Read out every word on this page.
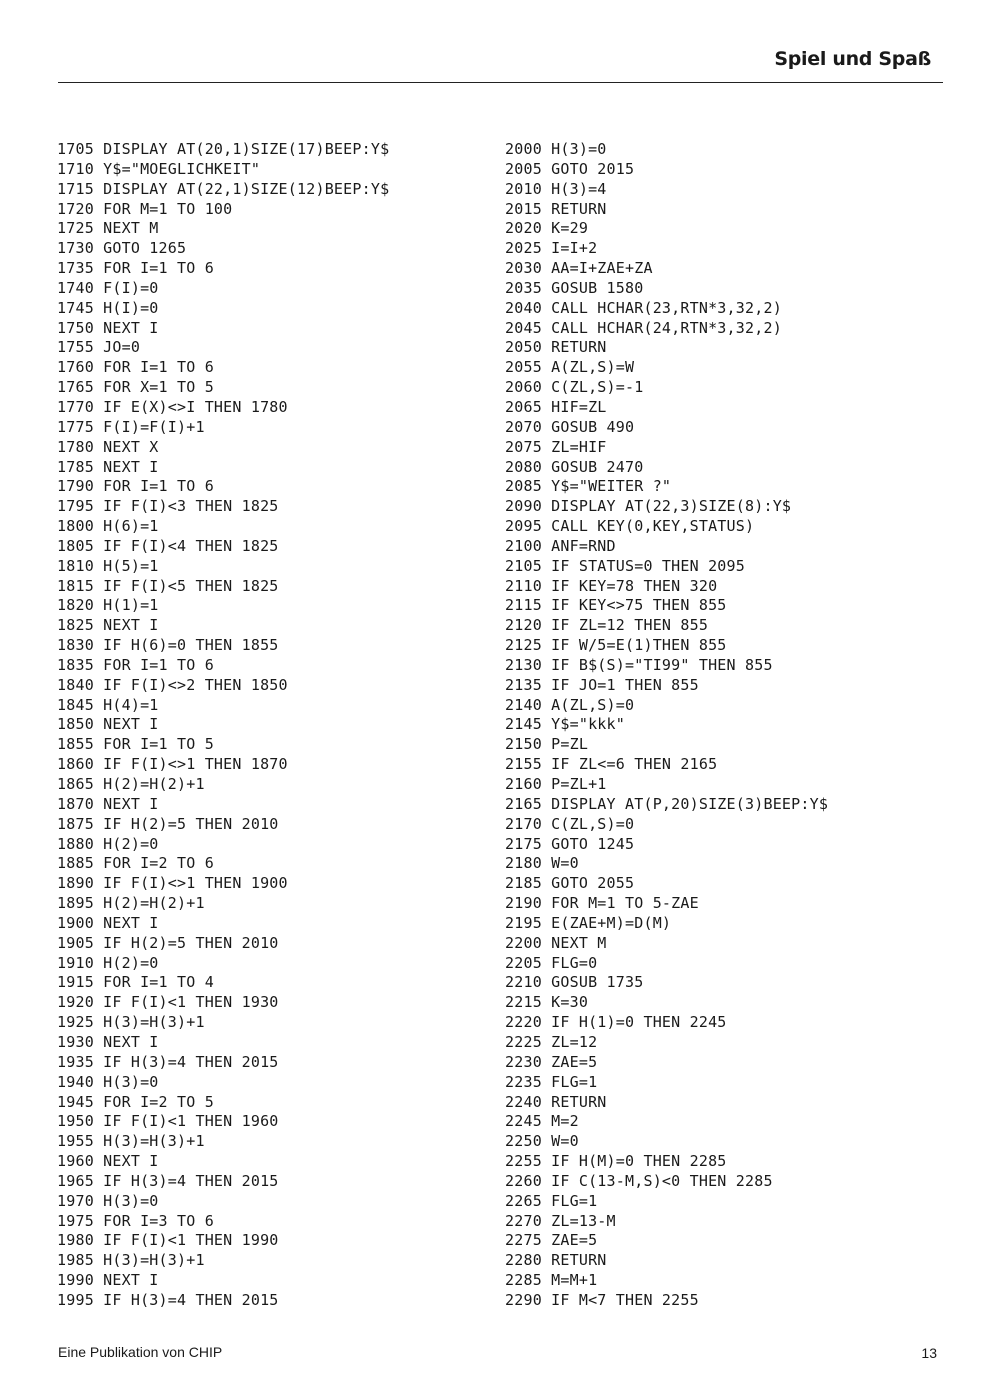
Spiel und Spaß
1705 DISPLAY AT(20,1)SIZE(17)BEEP:Y$
1710 Y$="MOEGLICHKEIT"
1715 DISPLAY AT(22,1)SIZE(12)BEEP:Y$
1720 FOR M=1 TO 100
1725 NEXT M
1730 GOTO 1265
1735 FOR I=1 TO 6
1740 F(I)=0
1745 H(I)=0
1750 NEXT I
1755 JO=0
1760 FOR I=1 TO 6
1765 FOR X=1 TO 5
1770 IF E(X)<>I THEN 1780
1775 F(I)=F(I)+1
1780 NEXT X
1785 NEXT I
1790 FOR I=1 TO 6
1795 IF F(I)<3 THEN 1825
1800 H(6)=1
1805 IF F(I)<4 THEN 1825
1810 H(5)=1
1815 IF F(I)<5 THEN 1825
1820 H(1)=1
1825 NEXT I
1830 IF H(6)=0 THEN 1855
1835 FOR I=1 TO 6
1840 IF F(I)<>2 THEN 1850
1845 H(4)=1
1850 NEXT I
1855 FOR I=1 TO 5
1860 IF F(I)<>1 THEN 1870
1865 H(2)=H(2)+1
1870 NEXT I
1875 IF H(2)=5 THEN 2010
1880 H(2)=0
1885 FOR I=2 TO 6
1890 IF F(I)<>1 THEN 1900
1895 H(2)=H(2)+1
1900 NEXT I
1905 IF H(2)=5 THEN 2010
1910 H(2)=0
1915 FOR I=1 TO 4
1920 IF F(I)<1 THEN 1930
1925 H(3)=H(3)+1
1930 NEXT I
1935 IF H(3)=4 THEN 2015
1940 H(3)=0
1945 FOR I=2 TO 5
1950 IF F(I)<1 THEN 1960
1955 H(3)=H(3)+1
1960 NEXT I
1965 IF H(3)=4 THEN 2015
1970 H(3)=0
1975 FOR I=3 TO 6
1980 IF F(I)<1 THEN 1990
1985 H(3)=H(3)+1
1990 NEXT I
1995 IF H(3)=4 THEN 2015
2000 H(3)=0
2005 GOTO 2015
2010 H(3)=4
2015 RETURN
2020 K=29
2025 I=I+2
2030 AA=I+ZAE+ZA
2035 GOSUB 1580
2040 CALL HCHAR(23,RTN*3,32,2)
2045 CALL HCHAR(24,RTN*3,32,2)
2050 RETURN
2055 A(ZL,S)=W
2060 C(ZL,S)=-1
2065 HIF=ZL
2070 GOSUB 490
2075 ZL=HIF
2080 GOSUB 2470
2085 Y$="WEITER ?"
2090 DISPLAY AT(22,3)SIZE(8):Y$
2095 CALL KEY(0,KEY,STATUS)
2100 ANF=RND
2105 IF STATUS=0 THEN 2095
2110 IF KEY=78 THEN 320
2115 IF KEY<>75 THEN 855
2120 IF ZL=12 THEN 855
2125 IF W/5=E(1)THEN 855
2130 IF B$(S)="TI99" THEN 855
2135 IF JO=1 THEN 855
2140 A(ZL,S)=0
2145 Y$="kkk"
2150 P=ZL
2155 IF ZL<=6 THEN 2165
2160 P=ZL+1
2165 DISPLAY AT(P,20)SIZE(3)BEEP:Y$
2170 C(ZL,S)=0
2175 GOTO 1245
2180 W=0
2185 GOTO 2055
2190 FOR M=1 TO 5-ZAE
2195 E(ZAE+M)=D(M)
2200 NEXT M
2205 FLG=0
2210 GOSUB 1735
2215 K=30
2220 IF H(1)=0 THEN 2245
2225 ZL=12
2230 ZAE=5
2235 FLG=1
2240 RETURN
2245 M=2
2250 W=0
2255 IF H(M)=0 THEN 2285
2260 IF C(13-M,S)<0 THEN 2285
2265 FLG=1
2270 ZL=13-M
2275 ZAE=5
2280 RETURN
2285 M=M+1
2290 IF M<7 THEN 2255
Eine Publikation von CHIP	13
